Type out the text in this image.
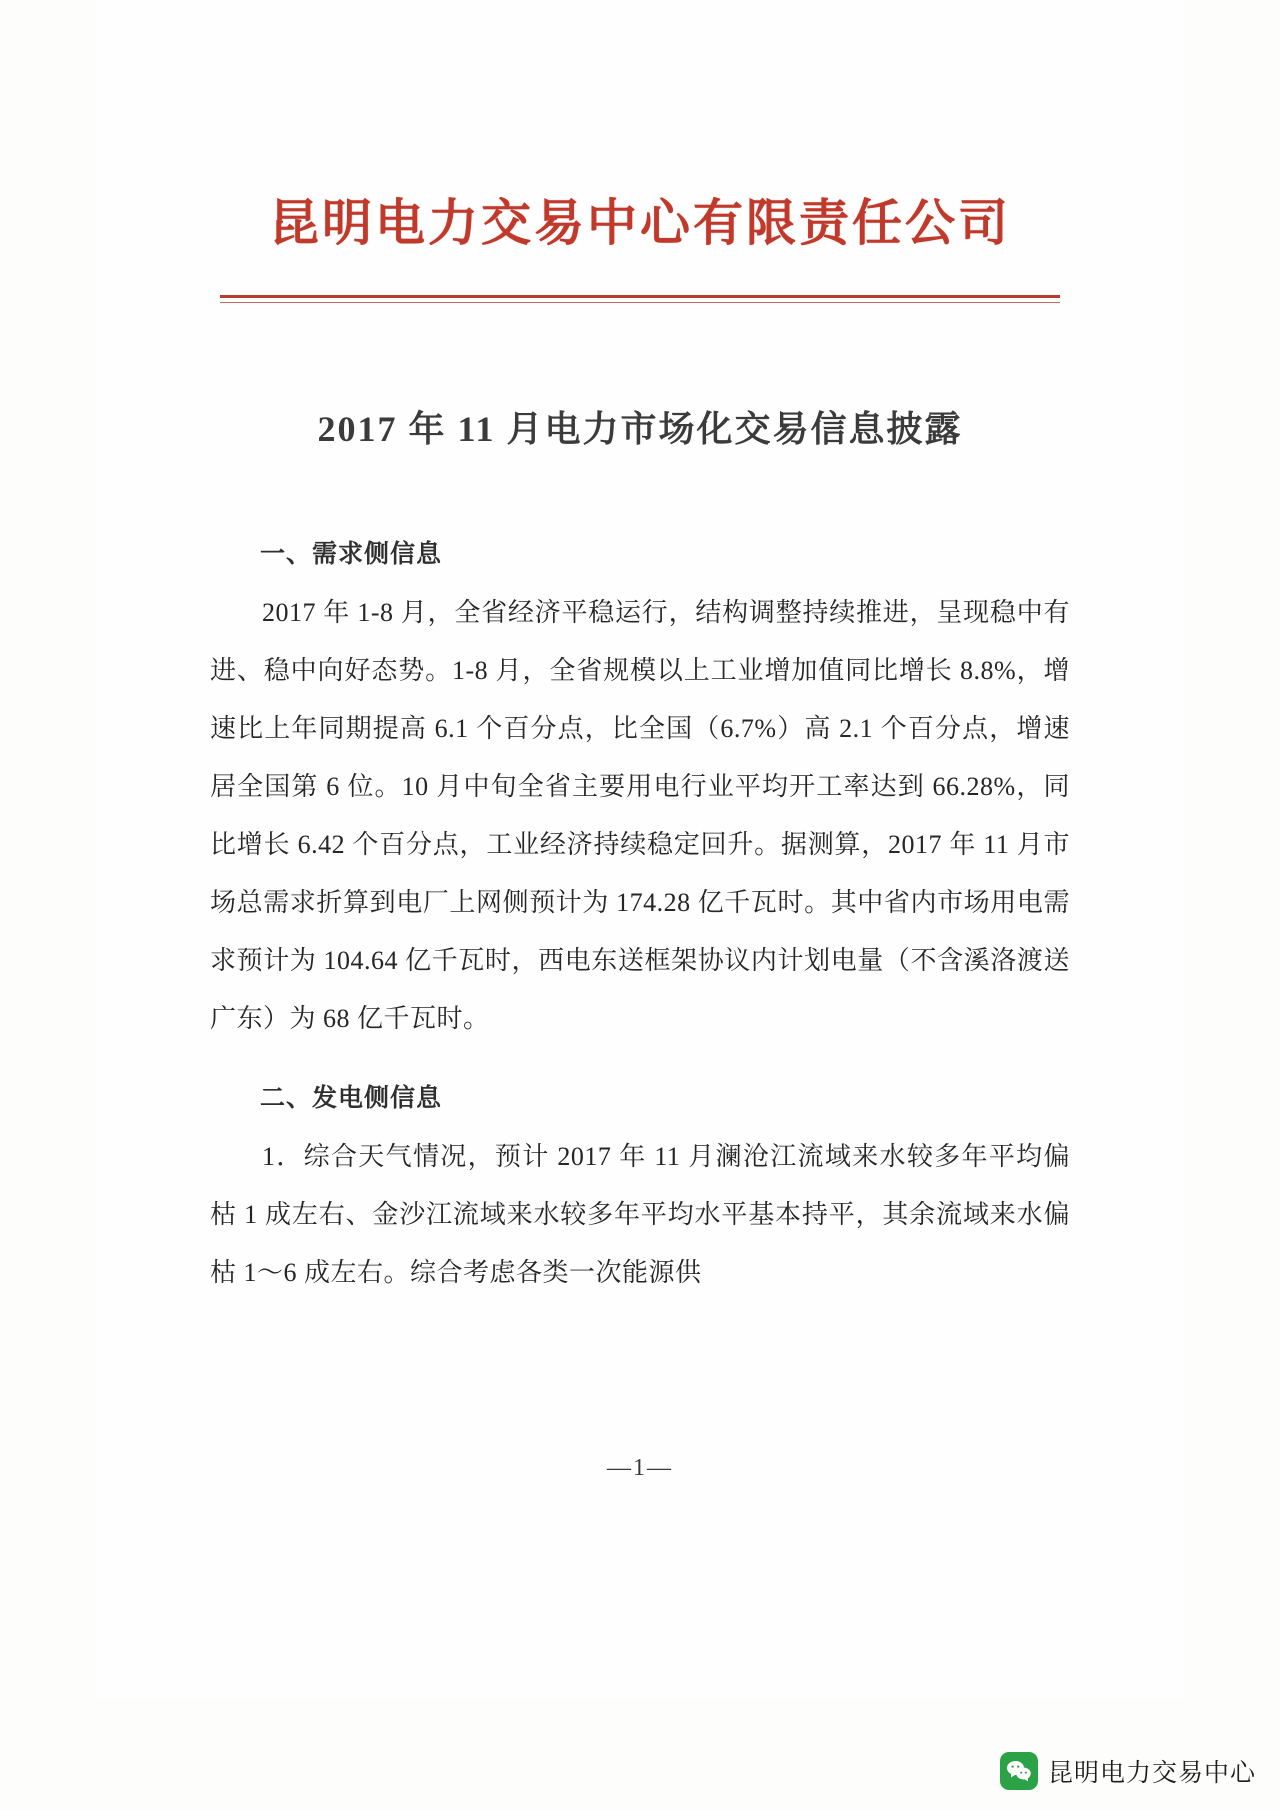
昆明电力交易中心有限责任公司
2017 年 11 月电力市场化交易信息披露
一、需求侧信息
2017 年 1-8 月，全省经济平稳运行，结构调整持续推进，呈现稳中有进、稳中向好态势。1-8 月，全省规模以上工业增加值同比增长 8.8%，增速比上年同期提高 6.1 个百分点，比全国（6.7%）高 2.1 个百分点，增速居全国第 6 位。10 月中旬全省主要用电行业平均开工率达到 66.28%，同比增长 6.42 个百分点，工业经济持续稳定回升。据测算，2017 年 11 月市场总需求折算到电厂上网侧预计为 174.28 亿千瓦时。其中省内市场用电需求预计为 104.64 亿千瓦时，西电东送框架协议内计划电量（不含溪洛渡送广东）为 68 亿千瓦时。
二、发电侧信息
1．综合天气情况，预计 2017 年 11 月澜沧江流域来水较多年平均偏枯 1 成左右、金沙江流域来水较多年平均水平基本持平，其余流域来水偏枯 1～6 成左右。综合考虑各类一次能源供
—1—
昆明电力交易中心
